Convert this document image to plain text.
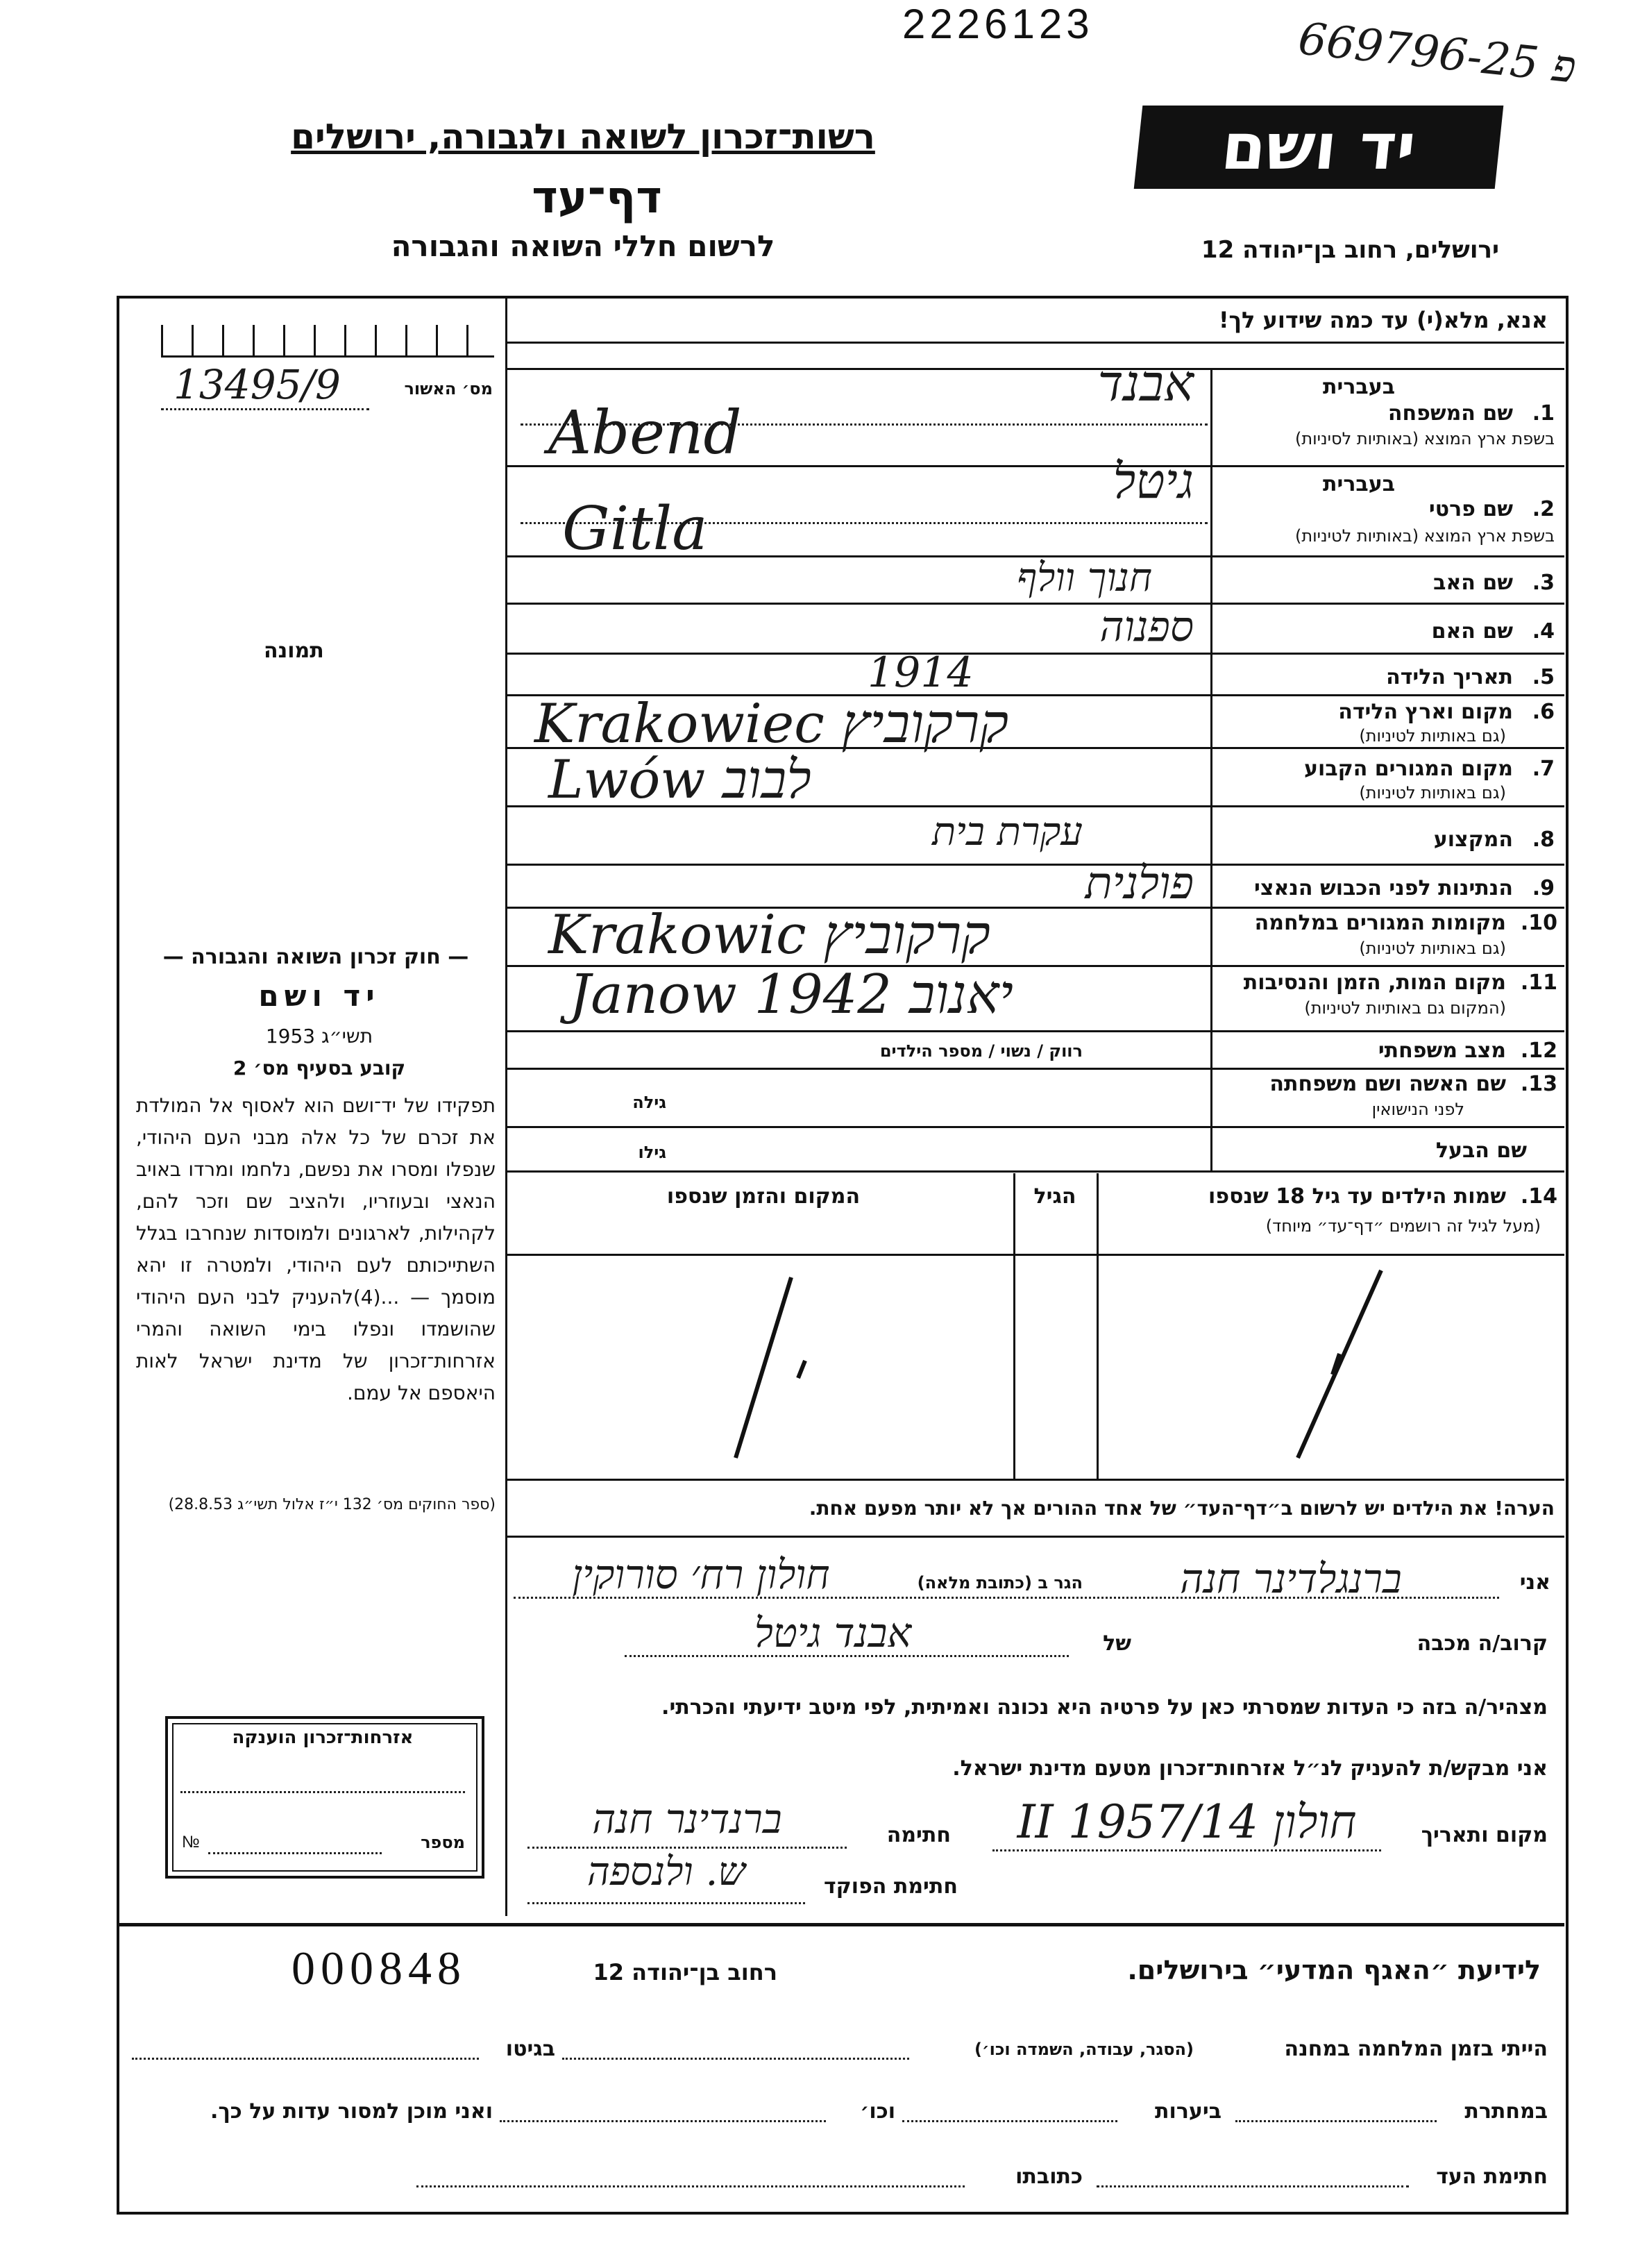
2226123	669796-25 פ
רשות־זכרון לשואה ולגבורה, ירושלים
דף־עד
לרשום חללי השואה והגבורה
יד ושם
ירושלים, רחוב בן־יהודה 12
אנא, מלא(י) עד כמה שידוע לך!
מס׳ האשור
13495/9
תמונה
בעברית
1.
שם המשפחה
בשפת ארץ המוצא (באותיות לסיניות)
אבנד
Abend
בעברית
2.
שם פרטי
בשפת ארץ המוצא (באותיות לטיניות)
גיטל
Gitla
3.
שם האב
חנוך וולף
4.
שם האם
ספנוה
5.
תאריך הלידה
1914
6.
מקום וארץ הלידה
(גם באותיות לטיניות)
Krakowiec קרקוביץ
7.
מקום המגורים הקבוע
(גם באותיות לטיניות)
Lwów לבוב
8.
המקצוע
עקרת בית
9.
הנתינות לפני הכבוש הנאצי
פולנית
10.
מקומות המגורים במלחמה
(גם באותיות לטיניות)
Krakowic קרקוביץ
11.
מקום המות, הזמן והנסיבות
(המקום גם באותיות לטיניות)
Janow 1942 יאנוב
12.
מצב משפחתי
רווק / נשוי / מספר הילדים
13.
שם האשה ושם משפחתה
לפני הנישואין
גילה
שם הבעל
גילו
14.
שמות הילדים עד גיל 18 שנספו
(מעל לגיל זה רושמים ״דף־עד״ מיוחד)
הגיל
המקום והזמן שנספו
הערה! את הילדים יש לרשום ב״דף־העד״ של אחד ההורים אך לא יותר מפעם אחת.
— חוק זכרון השואה והגבורה —
יד ושם
תשי״ג 1953
קובע בסעיף מס׳ 2
תפקידו של יד־ושם הוא לאסוף אל המולדת את זכרם של כל אלה מבני העם היהודי, שנפלו ומסרו את נפשם, נלחמו ומרדו באויב הנאצי ובעוזריו, ולהציב שם וזכר להם, לקהילות, לארגונים ולמוסדות שנחרבו בגלל השתייכותם לעם היהודי, ולמטרה זו יהא מוסמך — ...(4)להעניק לבני העם היהודי שהושמדו ונפלו בימי השואה והמרי אזרחות־זכרון של מדינת ישראל לאות היאספם אל עמם.
(ספר החוקים מס׳ 132 י״ז אלול תשי״ג 28.8.53)
אני
ברנגלדינר חנה
הגר ב (כתובת מלאה)
חולון רח׳ סורוקין
קרוב/ה מכבה
של
אבנד גיטל
מצהיר/ה בזה כי העדות שמסרתי כאן על פרטיה היא נכונה ואמיתית, לפי מיטב ידיעתי והכרתי.
אני מבקש/ת להעניק לנ״ל אזרחות־זכרון מטעם מדינת ישראל.
מקום ותאריך
חולון 14/II 1957
חתימה
ברנדינר חנה
חתימת הפוקד
ש. ולנספה
אזרחות־זכרון הוענקה
מספר
№
000848	לידיעת ״האגף המדעי״ בירושלים.
רחוב בן־יהודה 12
הייתי בזמן המלחמה במחנה
(הסגר, עבודה, השמדה וכו׳)
בגיטו
במחתרת
ביערות
וכו׳
ואני מוכן למסור עדות על כך.
חתימת העד
כתובתו
